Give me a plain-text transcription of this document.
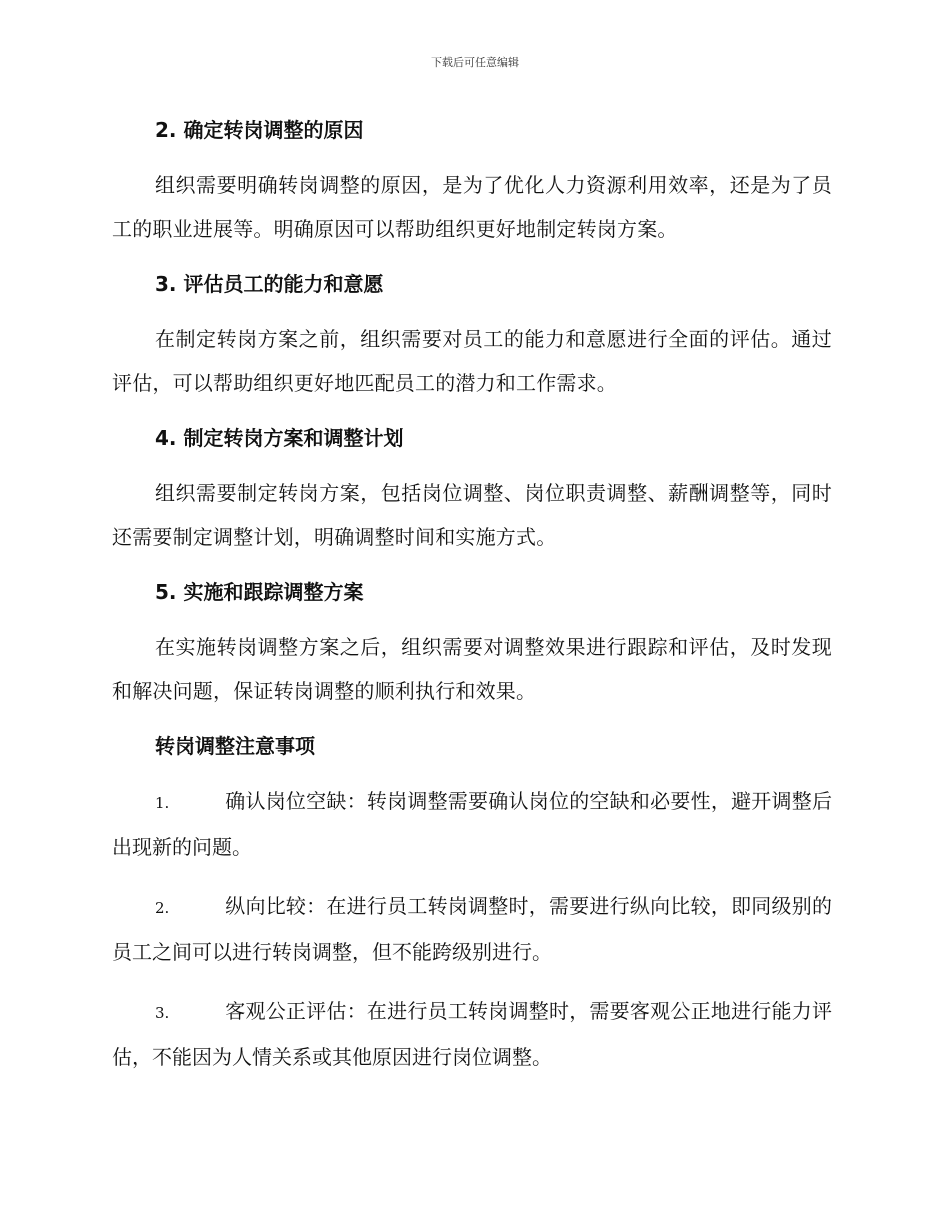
下载后可任意编辑
2. 确定转岗调整的原因
组织需要明确转岗调整的原因，是为了优化人力资源利用效率，还是为了员工的职业进展等。明确原因可以帮助组织更好地制定转岗方案。
3. 评估员工的能力和意愿
在制定转岗方案之前，组织需要对员工的能力和意愿进行全面的评估。通过评估，可以帮助组织更好地匹配员工的潜力和工作需求。
4. 制定转岗方案和调整计划
组织需要制定转岗方案，包括岗位调整、岗位职责调整、薪酬调整等，同时还需要制定调整计划，明确调整时间和实施方式。
5. 实施和跟踪调整方案
在实施转岗调整方案之后，组织需要对调整效果进行跟踪和评估，及时发现和解决问题，保证转岗调整的顺利执行和效果。
转岗调整注意事项
1.	确认岗位空缺：转岗调整需要确认岗位的空缺和必要性，避开调整后出现新的问题。
2.	纵向比较：在进行员工转岗调整时，需要进行纵向比较，即同级别的员工之间可以进行转岗调整，但不能跨级别进行。
3.	客观公正评估：在进行员工转岗调整时，需要客观公正地进行能力评估，不能因为人情关系或其他原因进行岗位调整。
